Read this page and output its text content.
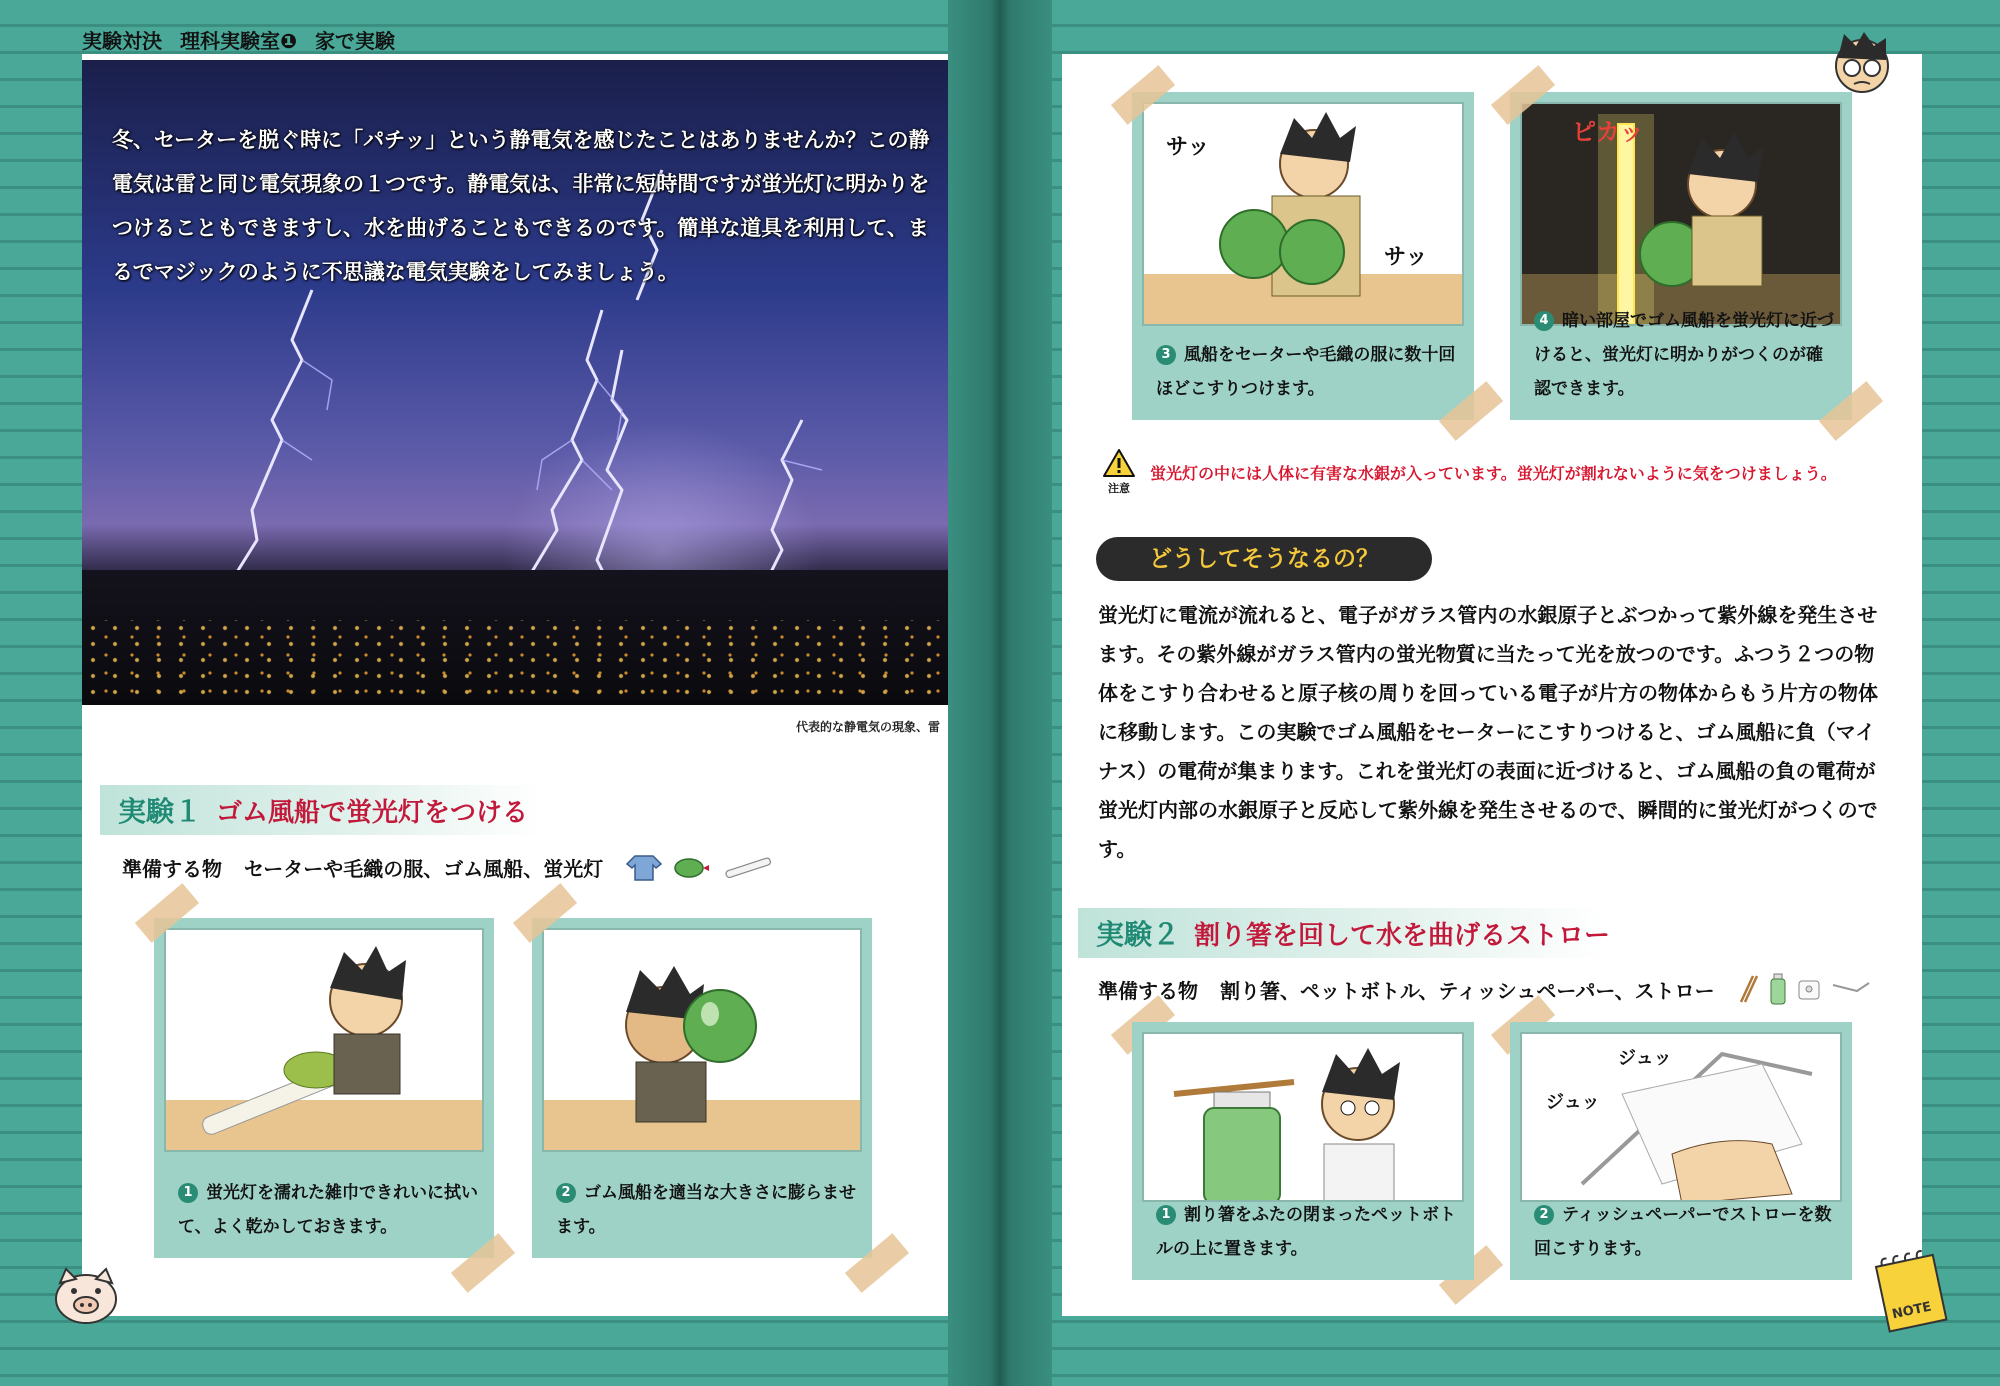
実験対決 理科実験室❶ 家で実験
冬、セーターを脱ぐ時に「パチッ」という静電気を感じたことはありませんか？この静電気は雷と同じ電気現象の１つです。静電気は、非常に短時間ですが蛍光灯に明かりをつけることもできますし、水を曲げることもできるのです。簡単な道具を利用して、まるでマジックのように不思議な電気実験をしてみましょう。
代表的な静電気の現象、雷
実験１ ゴム風船で蛍光灯をつける
準備する物 セーターや毛織の服、ゴム風船、蛍光灯
1 蛍光灯を濡れた雑巾できれいに拭いて、よく乾かしておきます。
2 ゴム風船を適当な大きさに膨らませます。
サッ
サッ
3 風船をセーターや毛織の服に数十回ほどこすりつけます。
ピカッ
4 暗い部屋でゴム風船を蛍光灯に近づけると、蛍光灯に明かりがつくのが確認できます。
注意
蛍光灯の中には人体に有害な水銀が入っています。蛍光灯が割れないように気をつけましょう。
どうしてそうなるの？
蛍光灯に電流が流れると、電子がガラス管内の水銀原子とぶつかって紫外線を発生させます。その紫外線がガラス管内の蛍光物質に当たって光を放つのです。ふつう２つの物体をこすり合わせると原子核の周りを回っている電子が片方の物体からもう片方の物体に移動します。この実験でゴム風船をセーターにこすりつけると、ゴム風船に負（マイナス）の電荷が集まります。これを蛍光灯の表面に近づけると、ゴム風船の負の電荷が蛍光灯内部の水銀原子と反応して紫外線を発生させるので、瞬間的に蛍光灯がつくのです。
実験２ 割り箸を回して水を曲げるストロー
準備する物 割り箸、ペットボトル、ティッシュペーパー、ストロー
1 割り箸をふたの閉まったペットボトルの上に置きます。
ジュッ
ジュッ
2 ティッシュペーパーでストローを数回こすります。
NOTE
